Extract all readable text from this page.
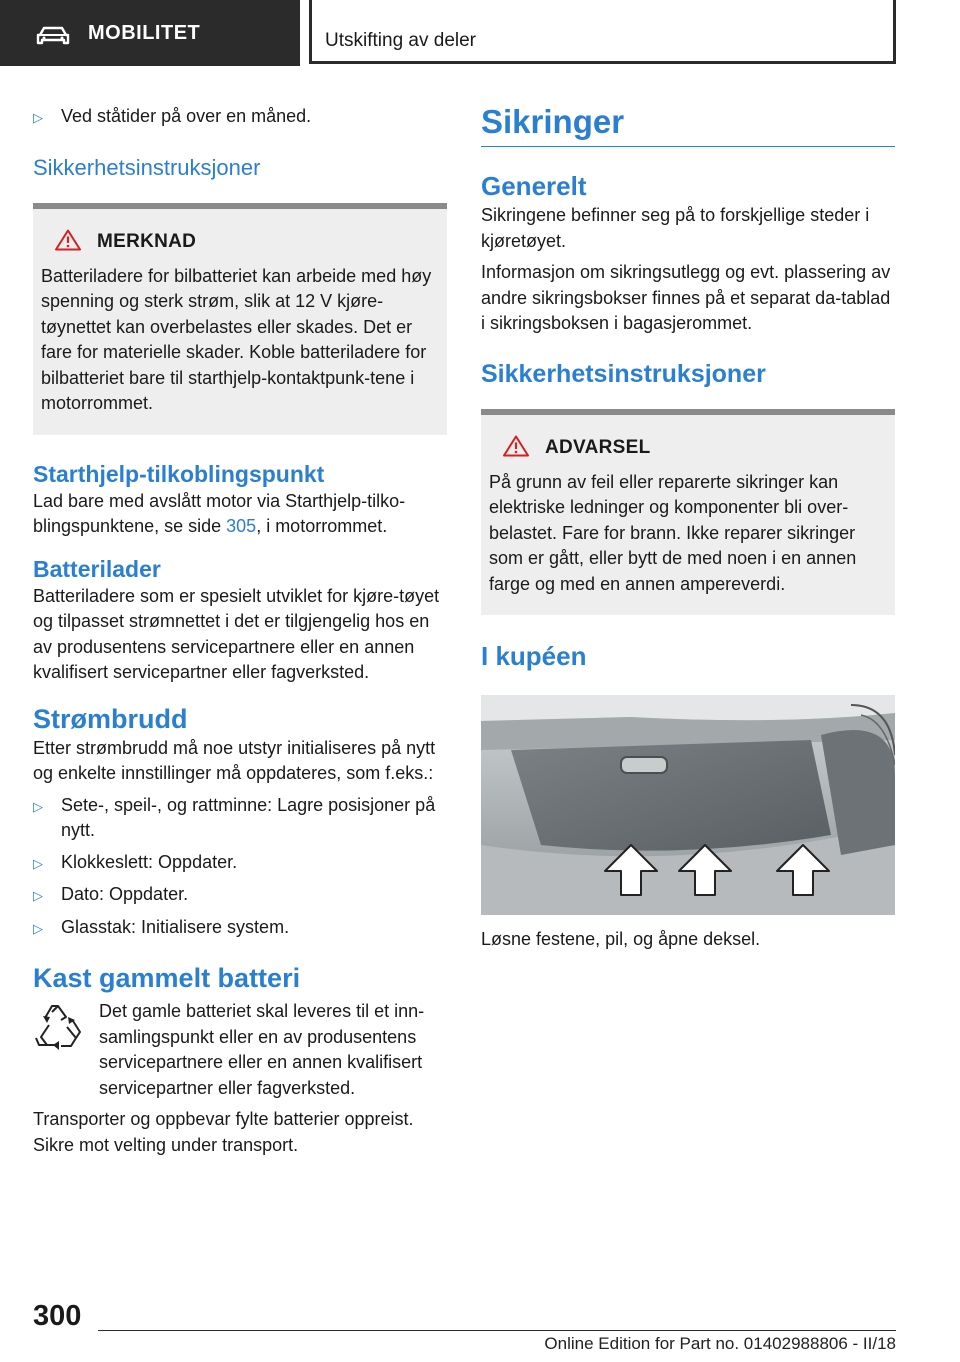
MOBILITET	Utskifting av deler
▷	Ved ståtider på over en måned.
Sikkerhetsinstruksjoner
MERKNAD

Batteriladere for bilbatteriet kan arbeide med høy spenning og sterk strøm, slik at 12 V kjøre-tøynettet kan overbelastes eller skades. Det er fare for materielle skader. Koble batteriladere for bilbatteriet bare til starthjelp-kontaktpunk-tene i motorrommet.

Starthjelp-tilkoblingspunkt

Lad bare med avslått motor via Starthjelp-tilko-blingspunktene, se side 305, i motorrommet.

Batterilader

Batteriladere som er spesielt utviklet for kjøre-tøyet og tilpasset strømnettet i det er tilgjengelig hos en av produsentens servicepartnere eller en annen kvalifisert servicepartner eller fagverksted.

Strømbrudd

Etter strømbrudd må noe utstyr initialiseres på nytt og enkelte innstillinger må oppdateres, som f.eks.:

▷	Sete-, speil-, og rattminne: Lagre posisjoner på nytt.
▷	Klokkeslett: Oppdater.
▷	Dato: Oppdater.
▷	Glasstak: Initialisere system.
Kast gammelt batteri

Det gamle batteriet skal leveres til et inn-samlingspunkt eller en av produsentens servicepartnere eller en annen kvalifisert servicepartner eller fagverksted.

Transporter og oppbevar fylte batterier oppreist. Sikre mot velting under transport.

Sikringer
Generelt

Sikringene befinner seg på to forskjellige steder i kjøretøyet.

Informasjon om sikringsutlegg og evt. plassering av andre sikringsbokser finnes på et separat da-tablad i sikringsboksen i bagasjerommet.

Sikkerhetsinstruksjoner
ADVARSEL

På grunn av feil eller reparerte sikringer kan elektriske ledninger og komponenter bli over-belastet. Fare for brann. Ikke reparer sikringer som er gått, eller bytt de med noen i en annen farge og med en annen ampereverdi.

I kupéen

Løsne festene, pil, og åpne deksel.

300
Online Edition for Part no. 01402988806 - II/18
